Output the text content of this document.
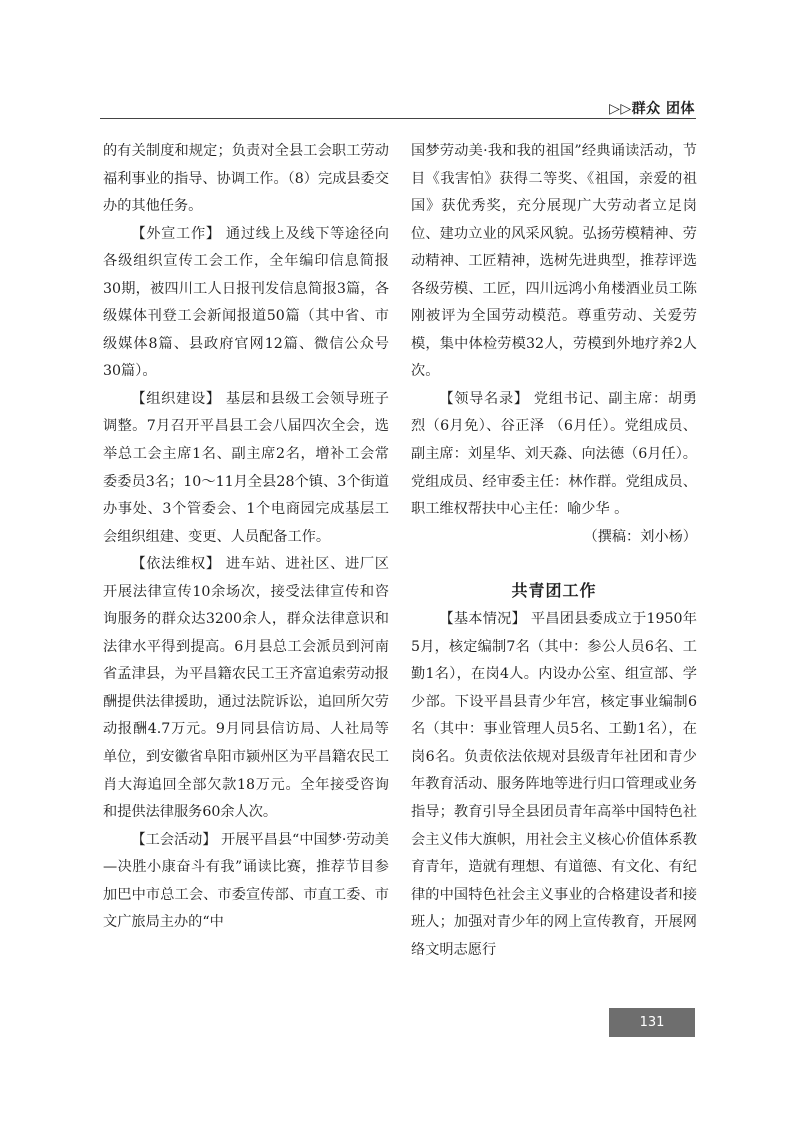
▷▷群众 团体

的有关制度和规定；负责对全县工会职工劳动福利事业的指导、协调工作。（8）完成县委交办的其他任务。

【外宣工作】 通过线上及线下等途径向各级组织宣传工会工作，全年编印信息简报30期，被四川工人日报刊发信息简报3篇，各级媒体刊登工会新闻报道50篇（其中省、市级媒体8篇、县政府官网12篇、微信公众号30篇）。

【组织建设】 基层和县级工会领导班子调整。7月召开平昌县工会八届四次全会，选举总工会主席1名、副主席2名，增补工会常委委员3名；10～11月全县28个镇、3个街道办事处、3个管委会、1个电商园完成基层工会组织组建、变更、人员配备工作。

【依法维权】 进车站、进社区、进厂区开展法律宣传10余场次，接受法律宣传和咨询服务的群众达3200余人，群众法律意识和法律水平得到提高。6月县总工会派员到河南省孟津县，为平昌籍农民工王齐富追索劳动报酬提供法律援助，通过法院诉讼，追回所欠劳动报酬4.7万元。9月同县信访局、人社局等单位，到安徽省阜阳市颍州区为平昌籍农民工肖大海追回全部欠款18万元。全年接受咨询和提供法律服务60余人次。

【工会活动】 开展平昌县“中国梦·劳动美—决胜小康奋斗有我”诵读比赛，推荐节目参加巴中市总工会、市委宣传部、市直工委、市文广旅局主办的“中

国梦劳动美·我和我的祖国”经典诵读活动，节目《我害怕》获得二等奖、《祖国，亲爱的祖国》获优秀奖，充分展现广大劳动者立足岗位、建功立业的风采风貌。弘扬劳模精神、劳动精神、工匠精神，选树先进典型，推荐评选各级劳模、工匠，四川远鸿小角楼酒业员工陈刚被评为全国劳动模范。尊重劳动、关爱劳模，集中体检劳模32人，劳模到外地疗养2人次。

【领导名录】 党组书记、副主席：胡勇烈（6月免）、谷正泽 （6月任）。党组成员、副主席：刘星华、刘天淼、向法德（6月任）。党组成员、经审委主任：林作群。党组成员、职工维权帮扶中心主任：喻少华 。

（撰稿：刘小杨）

共青团工作

【基本情况】 平昌团县委成立于1950年5月，核定编制7名（其中：参公人员6名、工勤1名），在岗4人。内设办公室、组宣部、学少部。下设平昌县青少年宫，核定事业编制6名（其中：事业管理人员5名、工勤1名），在岗6名。负责依法依规对县级青年社团和青少年教育活动、服务阵地等进行归口管理或业务指导；教育引导全县团员青年高举中国特色社会主义伟大旗帜，用社会主义核心价值体系教育青年，造就有理想、有道德、有文化、有纪律的中国特色社会主义事业的合格建设者和接班人；加强对青少年的网上宣传教育，开展网络文明志愿行

131
